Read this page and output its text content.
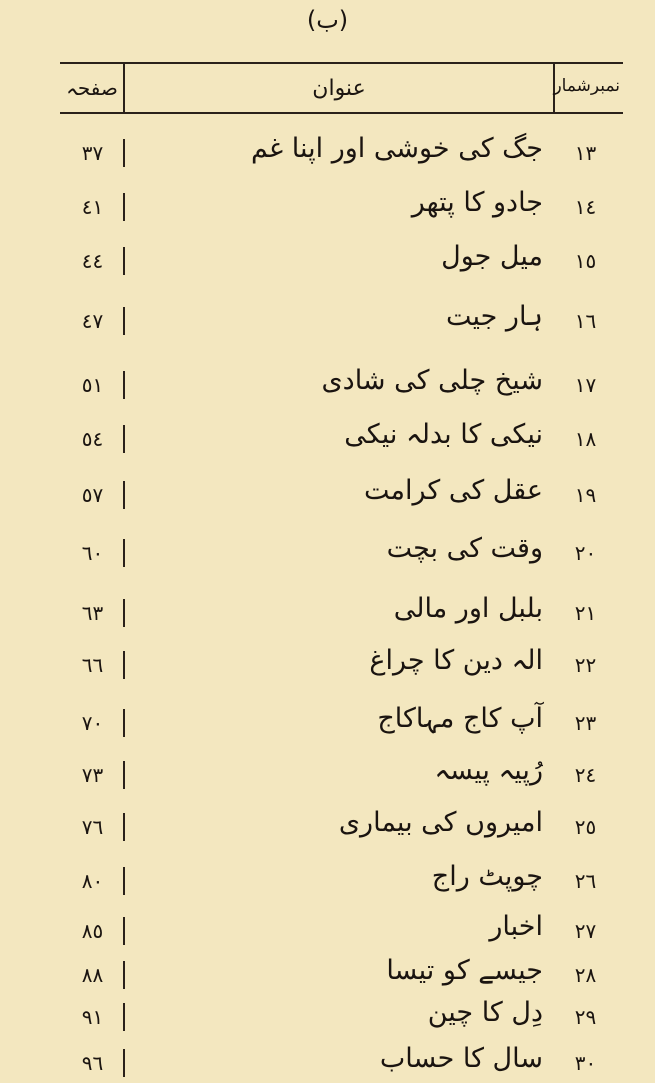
(ب)
نمبرشمار
عنوان
صفحہ
١٣
جگ کی خوشی اور اپنا غم
٣٧
١٤
جادو کا پتھر
٤١
١٥
میل جول
٤٤
١٦
ہار جیت
٤٧
١٧
شیخ چلی کی شادی
٥١
١٨
نیکی کا بدلہ نیکی
٥٤
١٩
عقل کی کرامت
٥٧
٢٠
وقت کی بچت
٦٠
٢١
بلبل اور مالی
٦٣
٢٢
الہ دین کا چراغ
٦٦
٢٣
آپ کاج مہاکاج
٧٠
٢٤
رُپیہ پیسہ
٧٣
٢٥
امیروں کی بیماری
٧٦
٢٦
چوپٹ راج
٨٠
٢٧
اخبار
٨٥
٢٨
جیسے کو تیسا
٨٨
٢٩
دِل کا چین
٩١
٣٠
سال کا حساب
٩٦
